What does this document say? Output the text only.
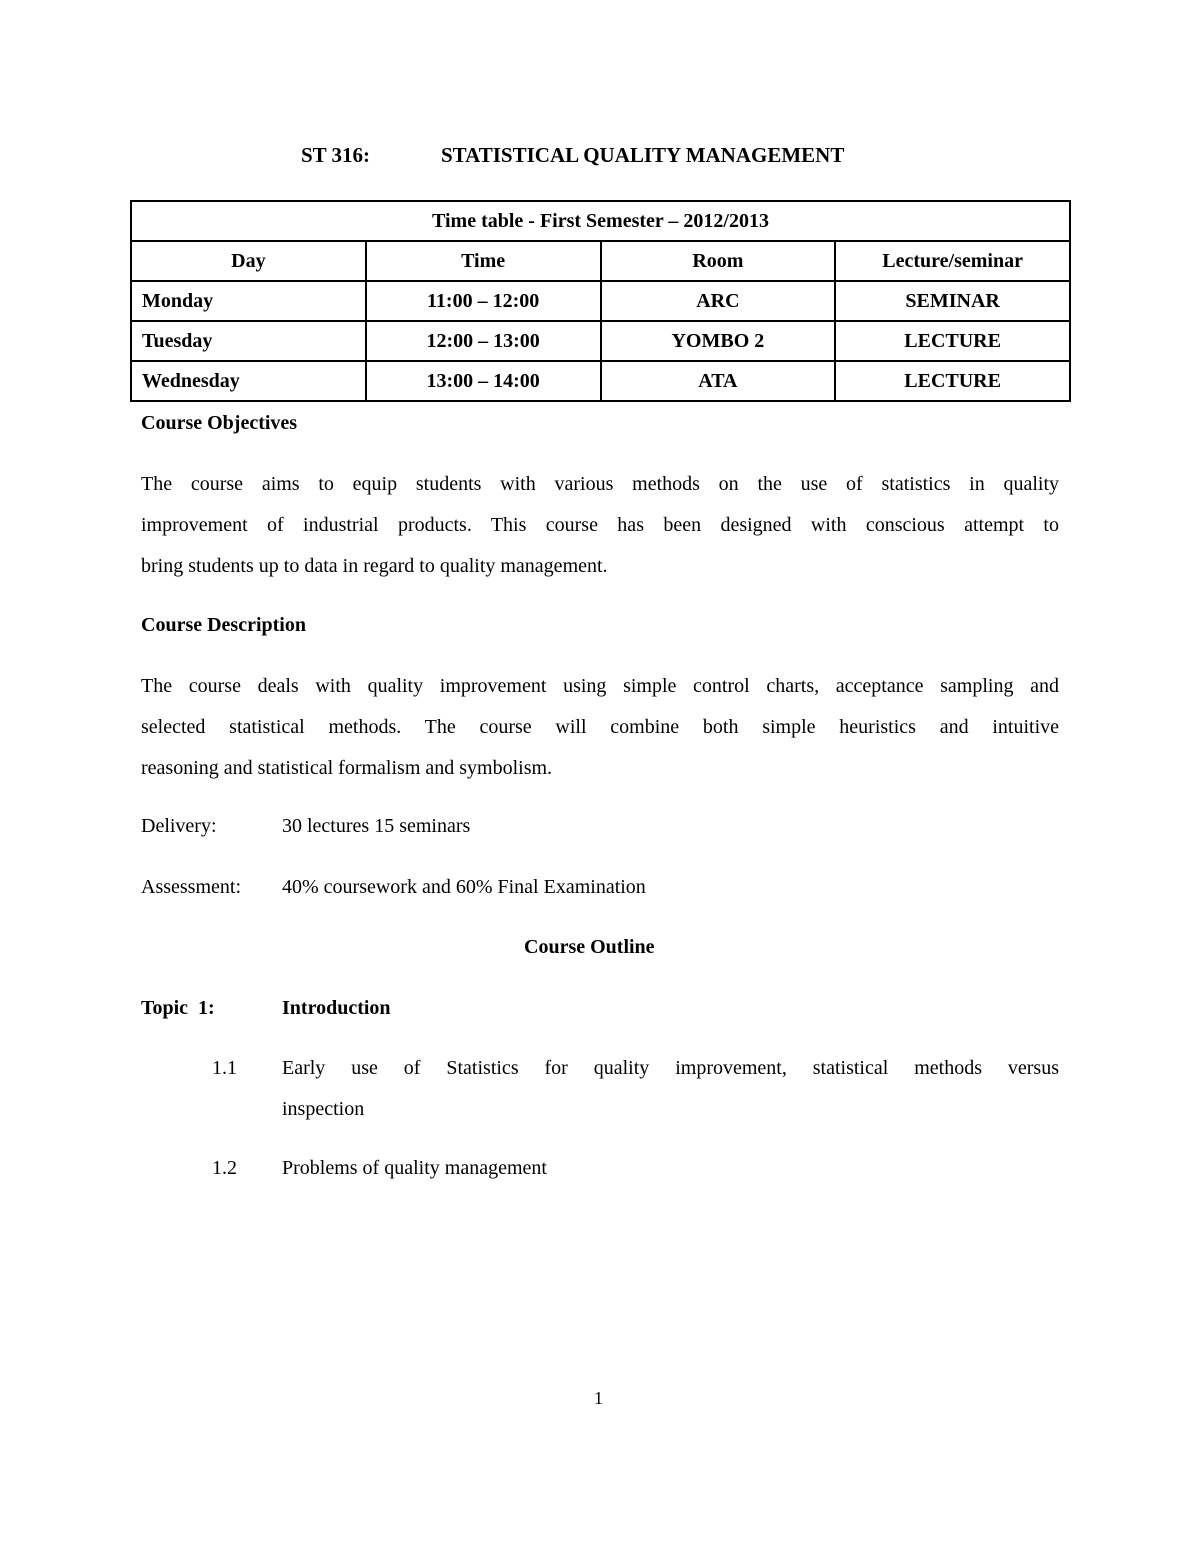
ST 316:	STATISTICAL QUALITY MANAGEMENT
Time table - First Semester – 2012/2013			
Day	Time	Room	Lecture/seminar
Monday	11:00 – 12:00	ARC	SEMINAR
Tuesday	12:00 – 13:00	YOMBO 2	LECTURE
Wednesday	13:00 – 14:00	ATA	LECTURE
Course Objectives
The course aims to equip students with various methods on the use of statistics in quality
improvement of industrial products. This course has been designed with conscious attempt to
bring students up to data in regard to quality management.
Course Description
The course deals with quality improvement using simple control charts, acceptance sampling and
selected statistical methods. The course will combine both simple heuristics and intuitive
reasoning and statistical formalism and symbolism.
Delivery:	30 lectures 15 seminars
Assessment: 40% coursework and 60% Final Examination
Course Outline
Topic  1:	Introduction
1.1 Early use of Statistics for quality improvement, statistical methods versus
inspection
1.2 Problems of quality management
1
